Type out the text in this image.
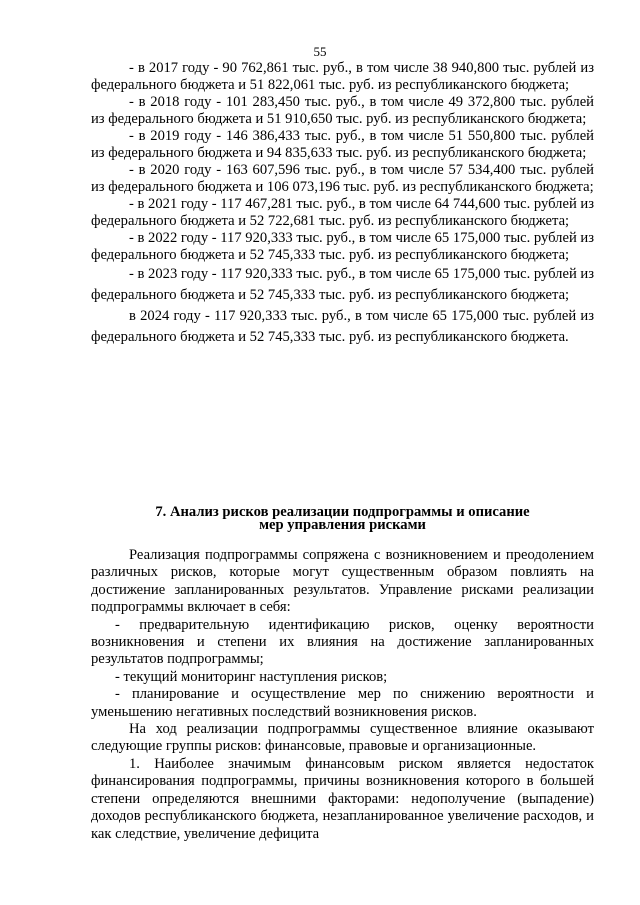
55

- в 2017 году - 90 762,861 тыс. руб., в том числе 38 940,800 тыс. рублей из федерального бюджета и 51 822,061 тыс. руб. из республиканского бюджета;

- в 2018 году - 101 283,450 тыс. руб., в том числе 49 372,800 тыс. рублей из федерального бюджета и 51 910,650 тыс. руб. из республиканского бюджета;

- в 2019 году - 146 386,433 тыс. руб., в том числе 51 550,800 тыс. рублей из федерального бюджета и 94 835,633 тыс. руб. из республиканского бюджета;

- в 2020 году - 163 607,596 тыс. руб., в том числе 57 534,400 тыс. рублей из федерального бюджета и 106 073,196 тыс. руб. из республиканского бюджета;

- в 2021 году - 117 467,281 тыс. руб., в том числе 64 744,600 тыс. рублей из федерального бюджета и 52 722,681 тыс. руб. из республиканского бюджета;

- в 2022 году - 117 920,333 тыс. руб., в том числе 65 175,000 тыс. рублей из федерального бюджета и 52 745,333 тыс. руб. из республиканского бюджета;

- в 2023 году - 117 920,333 тыс. руб., в том числе 65 175,000 тыс. рублей из федерального бюджета и 52 745,333 тыс. руб. из республиканского бюджета;

в 2024 году - 117 920,333 тыс. руб., в том числе 65 175,000 тыс. рублей из федерального бюджета и 52 745,333 тыс. руб. из республиканского бюджета.

7. Анализ рисков реализации подпрограммы и описание
мер управления рисками

Реализация подпрограммы сопряжена с возникновением и преодолением различных рисков, которые могут существенным образом повлиять на достижение запланированных результатов. Управление рисками реализации подпрограммы включает в себя:

- предварительную идентификацию рисков, оценку вероятности возникновения и степени их влияния на достижение запланированных результатов подпрограммы;

- текущий мониторинг наступления рисков;

- планирование и осуществление мер по снижению вероятности и уменьшению негативных последствий возникновения рисков.

На ход реализации подпрограммы существенное влияние оказывают следующие группы рисков: финансовые, правовые и организационные.

1. Наиболее значимым финансовым риском является недостаток финансирования подпрограммы, причины возникновения которого в большей степени определяются внешними факторами: недополучение (выпадение) доходов республиканского бюджета, незапланированное увеличение расходов, и как следствие, увеличение дефицита
